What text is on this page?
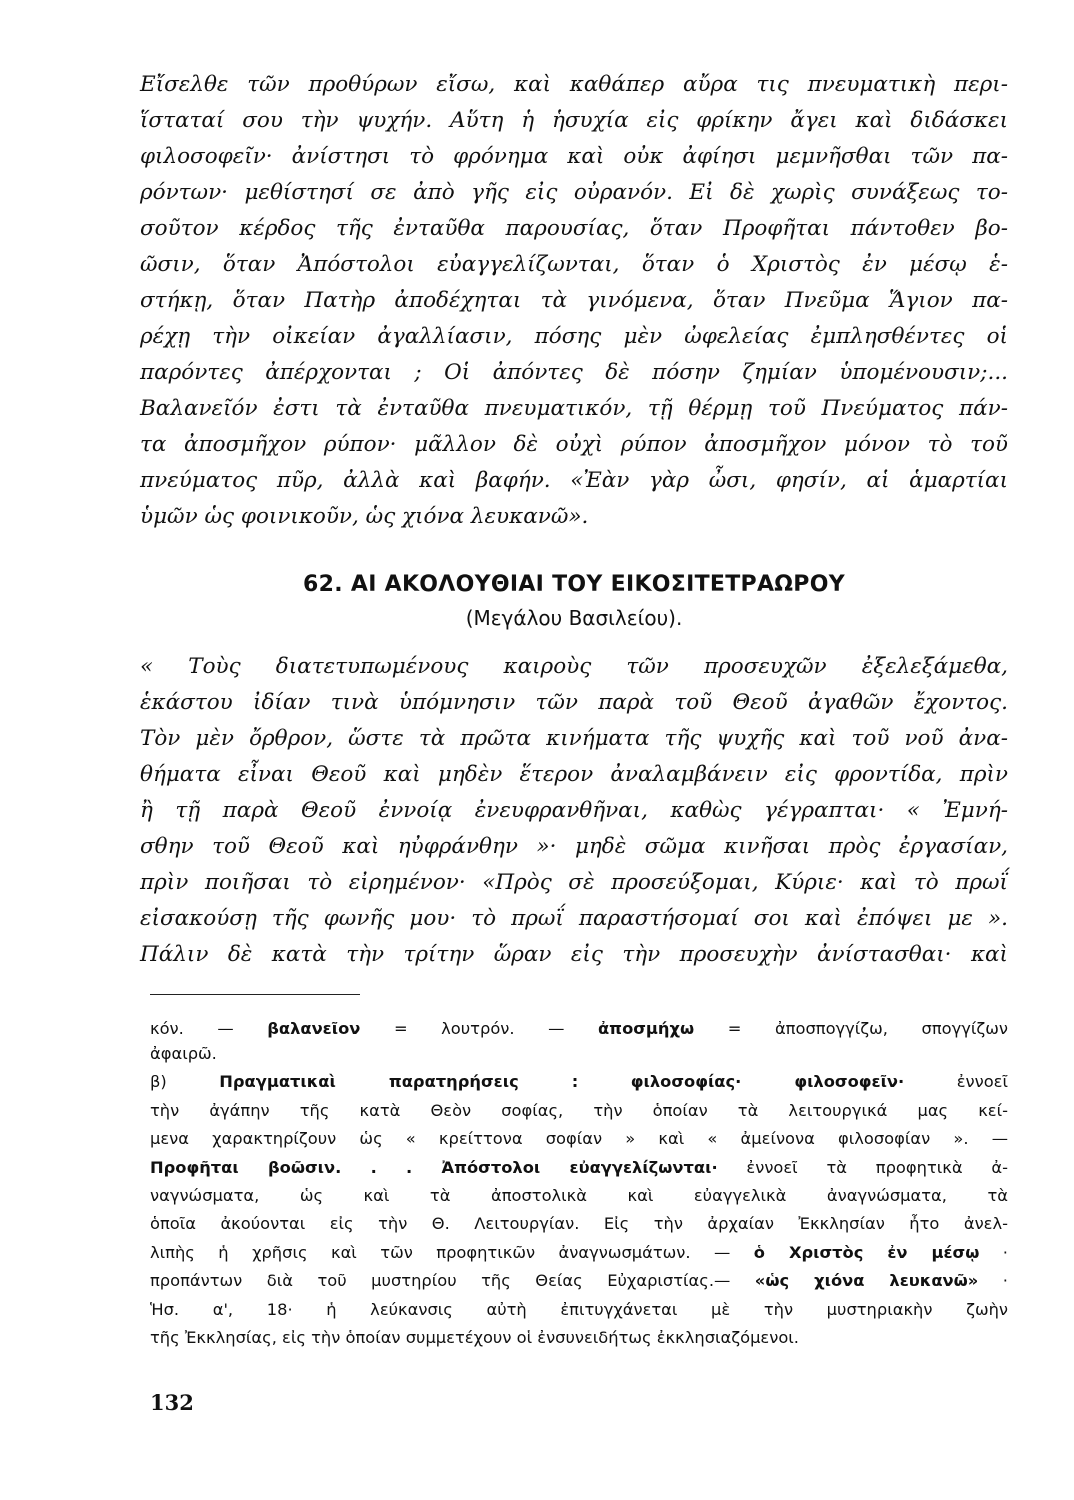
Εἴσελθε τῶν προθύρων εἴσω, καὶ καθάπερ αὔρα τις πνευματικὴ περι-
ἵσταταί σου τὴν ψυχήν. Αὕτη ἡ ἡσυχία εἰς φρίκην ἄγει καὶ διδάσκει
φιλοσοφεῖν· ἀνίστησι τὸ φρόνημα καὶ οὐκ ἀφίησι μεμνῆσθαι τῶν πα-
ρόντων· μεθίστησί σε ἀπὸ γῆς εἰς οὐρανόν. Εἰ δὲ χωρὶς συνάξεως το-
σοῦτον κέρδος τῆς ἐνταῦθα παρουσίας, ὅταν Προφῆται πάντοθεν βο-
ῶσιν, ὅταν Ἀπόστολοι εὐαγγελίζωνται, ὅταν ὁ Χριστὸς ἐν μέσῳ ἑ-
στήκῃ, ὅταν Πατὴρ ἀποδέχηται τὰ γινόμενα, ὅταν Πνεῦμα Ἅγιον πα-
ρέχῃ τὴν οἰκείαν ἀγαλλίασιν, πόσης μὲν ὠφελείας ἐμπλησθέντες οἱ
παρόντες ἀπέρχονται ; Οἱ ἀπόντες δὲ πόσην ζημίαν ὑπομένουσιν;...
Βαλανεῖόν ἐστι τὰ ἐνταῦθα πνευματικόν, τῇ θέρμῃ τοῦ Πνεύματος πάν-
τα ἀποσμῆχον ρύπον· μᾶλλον δὲ οὐχὶ ρύπον ἀποσμῆχον μόνον τὸ τοῦ
πνεύματος πῦρ, ἀλλὰ καὶ βαφήν. «Ἐὰν γὰρ ὦσι, φησίν, αἱ ἁμαρτίαι
ὑμῶν ὡς φοινικοῦν, ὡς χιόνα λευκανῶ».
62. ΑΙ ΑΚΟΛΟΥΘΙΑΙ ΤΟΥ ΕΙΚΟΣΙΤΕΤΡΑΩΡΟΥ
(Μεγάλου Βασιλείου).
« Τοὺς διατετυπωμένους καιροὺς τῶν προσευχῶν ἐξελεξάμεθα,
ἑκάστου ἰδίαν τινὰ ὑπόμνησιν τῶν παρὰ τοῦ Θεοῦ ἀγαθῶν ἔχοντος.
Τὸν μὲν ὄρθρον, ὥστε τὰ πρῶτα κινήματα τῆς ψυχῆς καὶ τοῦ νοῦ ἀνα-
θήματα εἶναι Θεοῦ καὶ μηδὲν ἕτερον ἀναλαμβάνειν εἰς φροντίδα, πρὶν
ἢ τῇ παρὰ Θεοῦ ἐννοίᾳ ἐνευφρανθῆναι, καθὼς γέγραπται· « Ἐμνή-
σθην τοῦ Θεοῦ καὶ ηὐφράνθην »· μηδὲ σῶμα κινῆσαι πρὸς ἐργασίαν,
πρὶν ποιῆσαι τὸ εἰρημένον· «Πρὸς σὲ προσεύξομαι, Κύριε· καὶ τὸ πρωΐ
εἰσακούσῃ τῆς φωνῆς μου· τὸ πρωΐ παραστήσομαί σοι καὶ ἐπόψει με ».
Πάλιν δὲ κατὰ τὴν τρίτην ὥραν εἰς τὴν προσευχὴν ἀνίστασθαι· καὶ
κόν. — βαλανεῖον = λουτρόν. — ἀποσμήχω = ἀποσπογγίζω, σπογγίζων
ἀφαιρῶ.
β) Πραγματικαὶ παρατηρήσεις :	φιλοσοφίας· φιλοσοφεῖν· ἐννοεῖ
τὴν ἀγάπην τῆς κατὰ Θεὸν σοφίας, τὴν ὁποίαν τὰ λειτουργικά μας κεί-
μενα χαρακτηρίζουν ὡς « κρείττονα σοφίαν » καὶ « ἀμείνονα φιλοσοφίαν ». —
Προφῆται βοῶσιν. . . Ἀπόστολοι εὐαγγελίζωνται· ἐννοεῖ τὰ προφητικὰ ἀ-
ναγνώσματα, ὡς καὶ τὰ ἀποστολικὰ καὶ εὐαγγελικὰ ἀναγνώσματα, τὰ
ὁποῖα ἀκούονται εἰς τὴν Θ. Λειτουργίαν. Εἰς τὴν ἀρχαίαν Ἐκκλησίαν ἦτο ἀνελ-
λιπὴς ἡ χρῆσις καὶ τῶν προφητικῶν ἀναγνωσμάτων. — ὁ Χριστὸς ἐν μέσῳ ·
προπάντων διὰ τοῦ μυστηρίου τῆς Θείας Εὐχαριστίας.— «ὡς χιόνα λευκανῶ» ·
Ἡσ. α', 18· ἡ λεύκανσις αὐτὴ ἐπιτυγχάνεται μὲ τὴν μυστηριακὴν ζωὴν
τῆς Ἐκκλησίας, εἰς τὴν ὁποίαν συμμετέχουν οἱ ἐνσυνειδήτως ἐκκλησιαζόμενοι.
132
